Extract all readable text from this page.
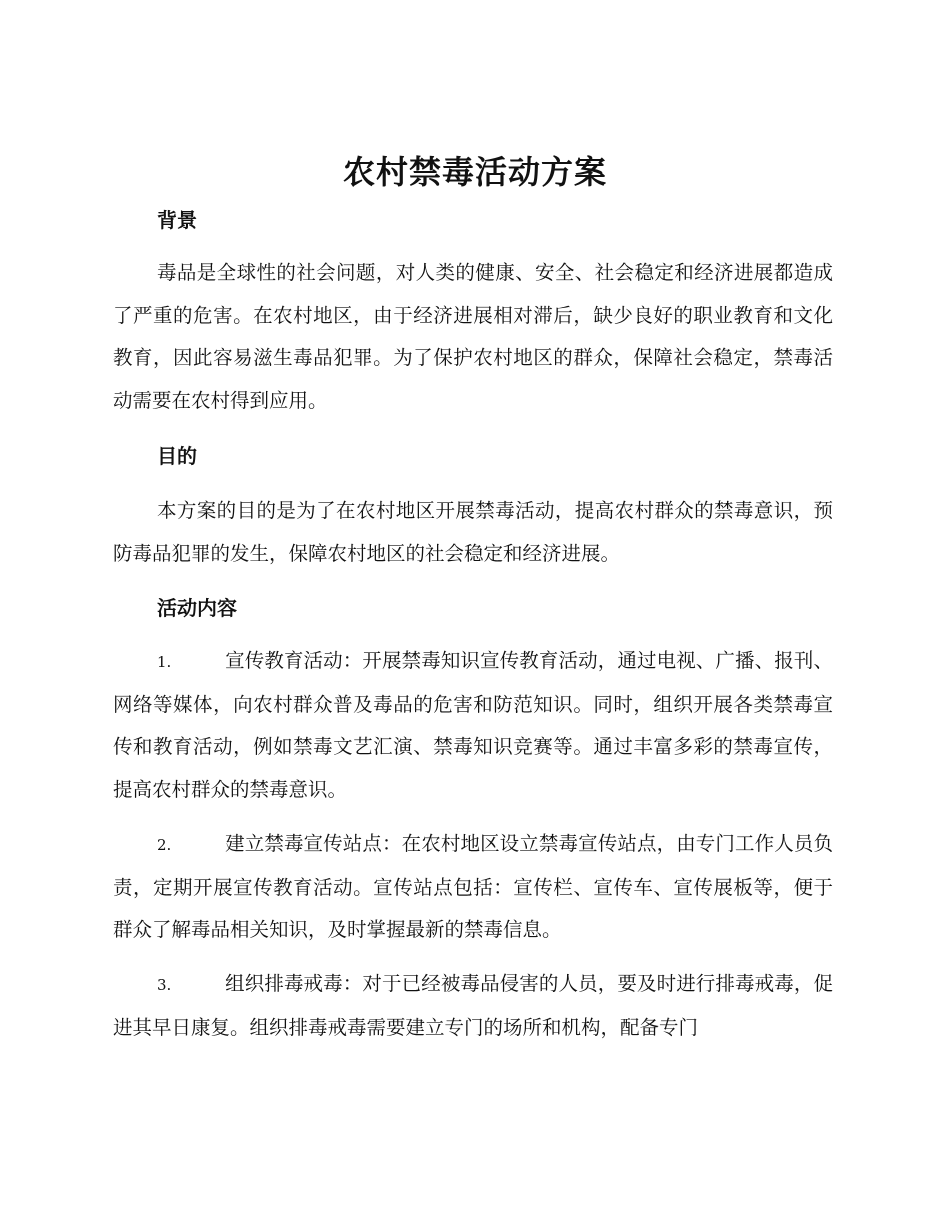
农村禁毒活动方案
背景

毒品是全球性的社会问题，对人类的健康、安全、社会稳定和经济进展都造成了严重的危害。在农村地区，由于经济进展相对滞后，缺少良好的职业教育和文化教育，因此容易滋生毒品犯罪。为了保护农村地区的群众，保障社会稳定，禁毒活动需要在农村得到应用。

目的

本方案的目的是为了在农村地区开展禁毒活动，提高农村群众的禁毒意识，预防毒品犯罪的发生，保障农村地区的社会稳定和经济进展。

活动内容

1.	宣传教育活动：开展禁毒知识宣传教育活动，通过电视、广播、报刊、网络等媒体，向农村群众普及毒品的危害和防范知识。同时，组织开展各类禁毒宣传和教育活动，例如禁毒文艺汇演、禁毒知识竞赛等。通过丰富多彩的禁毒宣传，提高农村群众的禁毒意识。

2.	建立禁毒宣传站点：在农村地区设立禁毒宣传站点，由专门工作人员负责，定期开展宣传教育活动。宣传站点包括：宣传栏、宣传车、宣传展板等，便于群众了解毒品相关知识，及时掌握最新的禁毒信息。

3.	组织排毒戒毒：对于已经被毒品侵害的人员，要及时进行排毒戒毒，促进其早日康复。组织排毒戒毒需要建立专门的场所和机构，配备专门
